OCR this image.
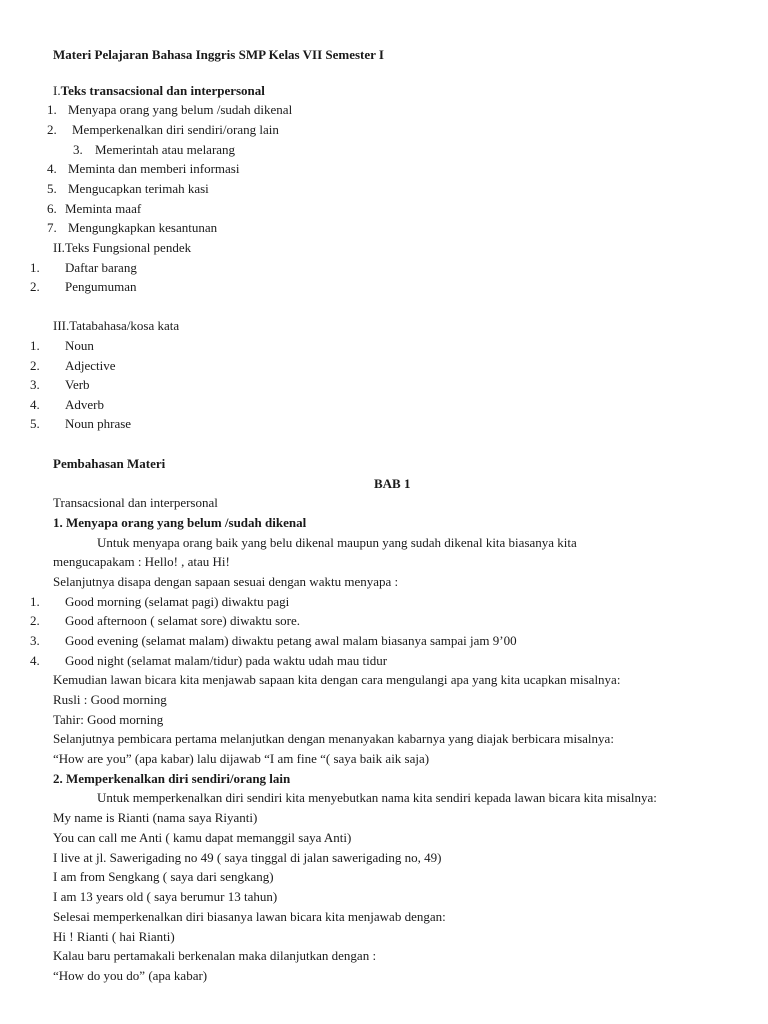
Materi Pelajaran Bahasa Inggris SMP Kelas VII Semester I
I.Teks transacsional dan interpersonal
1. Menyapa orang yang belum /sudah dikenal
2. Memperkenalkan diri sendiri/orang lain
3. Memerintah atau melarang
4. Meminta dan memberi informasi
5. Mengucapkan terimah kasi
6. Meminta maaf
7. Mengungkapkan kesantunan
II.Teks Fungsional pendek
1. Daftar barang
2. Pengumuman
III.Tatabahasa/kosa kata
1. Noun
2. Adjective
3. Verb
4. Adverb
5. Noun phrase
Pembahasan Materi
BAB 1
Transacsional dan interpersonal
1. Menyapa orang yang belum /sudah dikenal
Untuk menyapa orang baik yang belu dikenal maupun yang sudah dikenal kita biasanya kita
mengucapakam : Hello! , atau Hi!
Selanjutnya disapa dengan sapaan sesuai dengan waktu menyapa :
1. Good morning (selamat pagi) diwaktu pagi
2. Good afternoon ( selamat sore) diwaktu sore.
3. Good evening (selamat malam) diwaktu petang awal malam biasanya sampai jam 9’00
4. Good night (selamat malam/tidur) pada waktu udah mau tidur
Kemudian lawan bicara kita menjawab sapaan kita dengan cara mengulangi apa yang kita ucapkan misalnya:
Rusli : Good morning
Tahir: Good morning
Selanjutnya pembicara pertama melanjutkan dengan menanyakan kabarnya yang diajak berbicara misalnya:
“How are you” (apa kabar) lalu dijawab “I am fine “( saya baik aik saja)
2. Memperkenalkan diri sendiri/orang lain
Untuk memperkenalkan diri sendiri kita menyebutkan nama kita sendiri kepada lawan bicara kita misalnya:
My name is Rianti (nama saya Riyanti)
You can call me Anti ( kamu dapat memanggil saya Anti)
I live at jl. Sawerigading no 49 ( saya tinggal di jalan sawerigading no, 49)
I am from Sengkang ( saya dari sengkang)
I am 13 years old ( saya berumur 13 tahun)
Selesai memperkenalkan diri biasanya lawan bicara kita menjawab dengan:
Hi ! Rianti ( hai Rianti)
Kalau baru pertamakali berkenalan maka dilanjutkan dengan :
“How do you do” (apa kabar)
